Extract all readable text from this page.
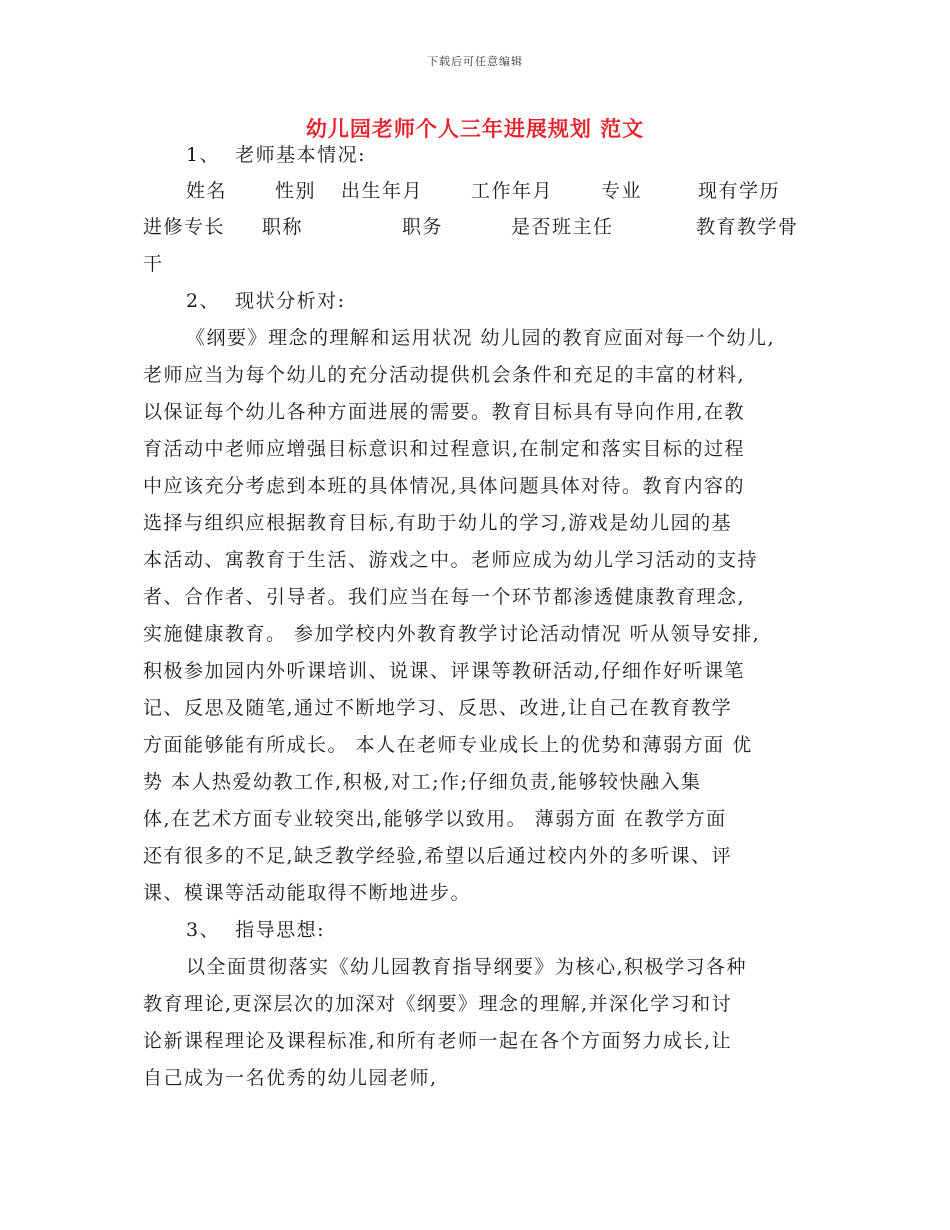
下载后可任意编辑
幼儿园老师个人三年进展规划 范文
1、  老师基本情况:
姓名	性别 出生年月	工作年月	专业	现有学历
进修专长 职称	职务	是否班主任	教育教学骨
干
2、  现状分析对:
《纲要》理念的理解和运用状况 幼儿园的教育应面对每一个幼儿,
老师应当为每个幼儿的充分活动提供机会条件和充足的丰富的材料,
以保证每个幼儿各种方面进展的需要。教育目标具有导向作用,在教
育活动中老师应增强目标意识和过程意识,在制定和落实目标的过程
中应该充分考虑到本班的具体情况,具体问题具体对待。教育内容的
选择与组织应根据教育目标,有助于幼儿的学习,游戏是幼儿园的基
本活动、寓教育于生活、游戏之中。老师应成为幼儿学习活动的支持
者、合作者、引导者。我们应当在每一个环节都渗透健康教育理念,
实施健康教育。 参加学校内外教育教学讨论活动情况 听从领导安排,
积极参加园内外听课培训、说课、评课等教研活动,仔细作好听课笔
记、反思及随笔,通过不断地学习、反思、改进,让自己在教育教学
方面能够能有所成长。 本人在老师专业成长上的优势和薄弱方面 优
势 本人热爱幼教工作,积极,对工;作;仔细负责,能够较快融入集
体,在艺术方面专业较突出,能够学以致用。 薄弱方面 在教学方面
还有很多的不足,缺乏教学经验,希望以后通过校内外的多听课、评
课、模课等活动能取得不断地进步。
3、  指导思想:
以全面贯彻落实《幼儿园教育指导纲要》为核心,积极学习各种
教育理论,更深层次的加深对《纲要》理念的理解,并深化学习和讨
论新课程理论及课程标准,和所有老师一起在各个方面努力成长,让
自己成为一名优秀的幼儿园老师,
